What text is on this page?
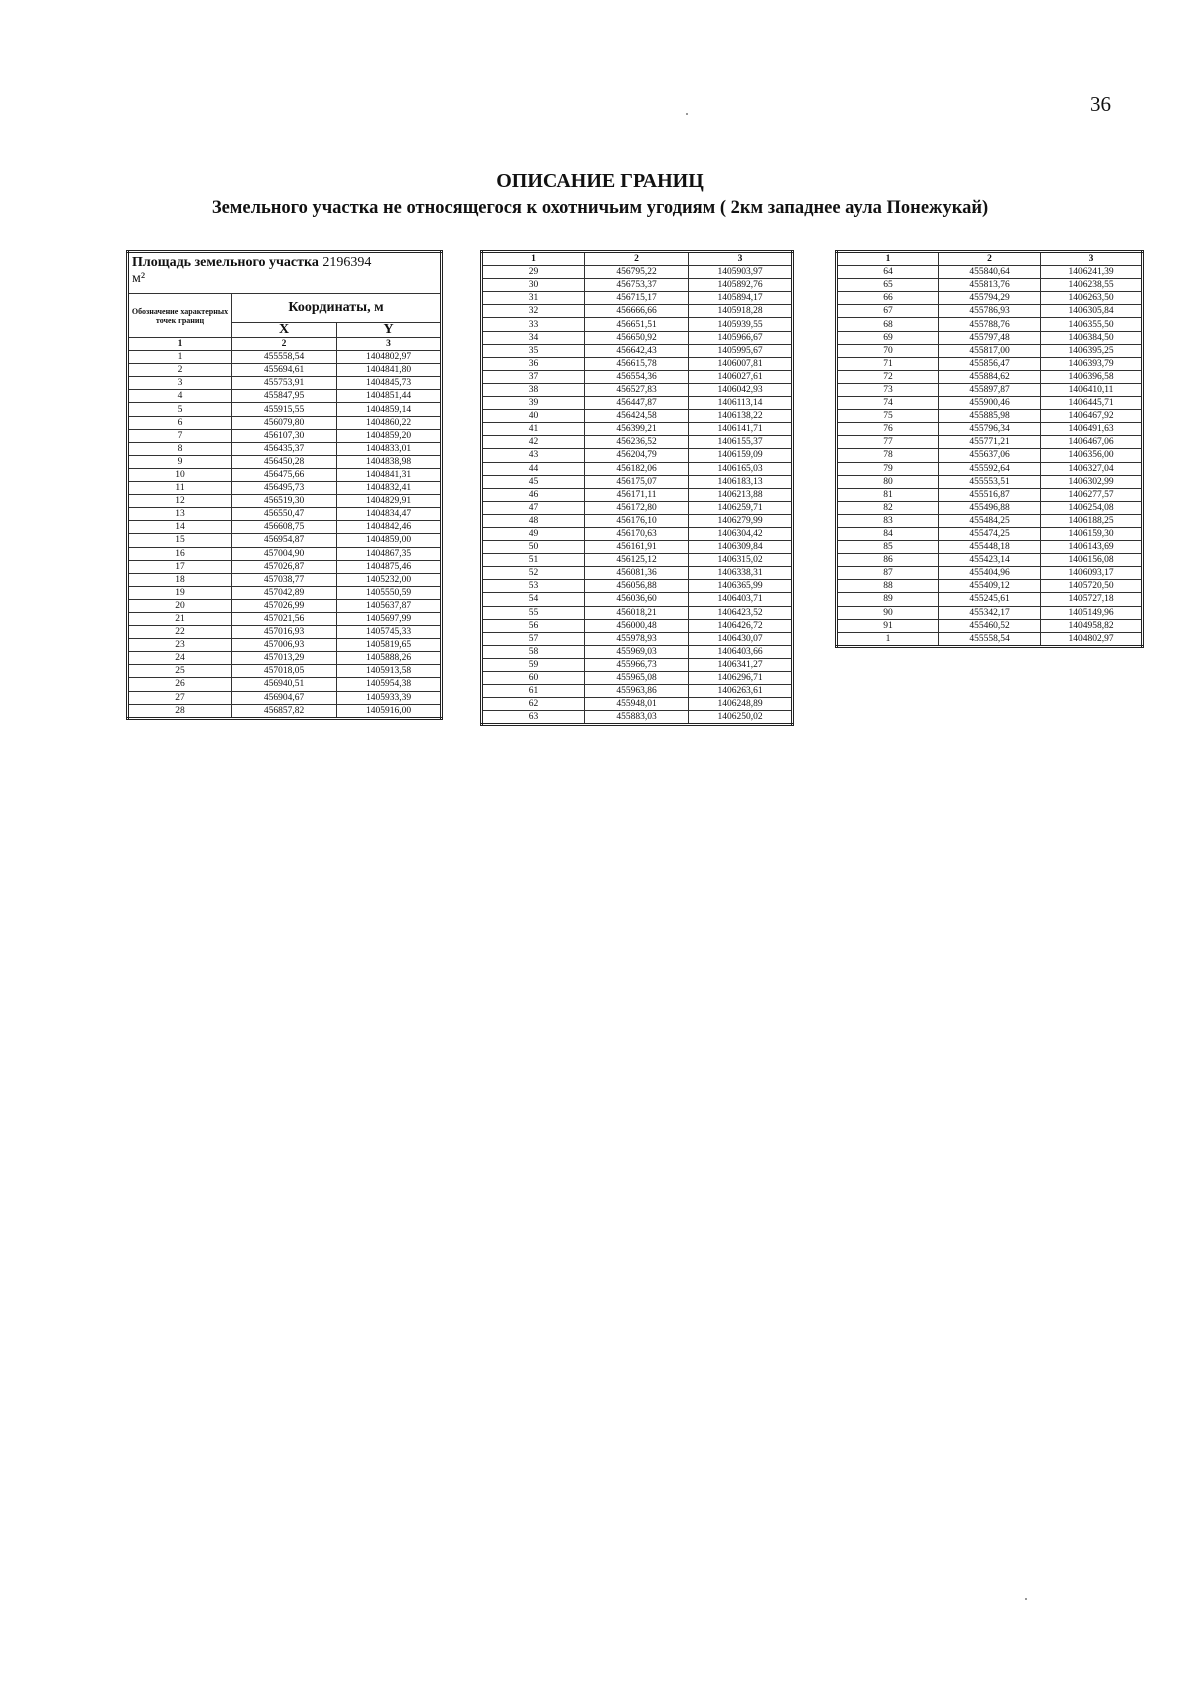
36
ОПИСАНИЕ ГРАНИЦ
Земельного участка не относящегося к охотничьим угодиям ( 2км западнее аула Понежукай)
Площадь земельного участка 2196394
м²		
Обозначение характерных точек границ	Координаты, м	
	X	Y
1	2	3
1	455558,54	1404802,97
2	455694,61	1404841,80
3	455753,91	1404845,73
4	455847,95	1404851,44
5	455915,55	1404859,14
6	456079,80	1404860,22
7	456107,30	1404859,20
8	456435,37	1404833,01
9	456450,28	1404838,98
10	456475,66	1404841,31
11	456495,73	1404832,41
12	456519,30	1404829,91
13	456550,47	1404834,47
14	456608,75	1404842,46
15	456954,87	1404859,00
16	457004,90	1404867,35
17	457026,87	1404875,46
18	457038,77	1405232,00
19	457042,89	1405550,59
20	457026,99	1405637,87
21	457021,56	1405697,99
22	457016,93	1405745,33
23	457006,93	1405819,65
24	457013,29	1405888,26
25	457018,05	1405913,58
26	456940,51	1405954,38
27	456904,67	1405933,39
28	456857,82	1405916,00
1	2	3
29	456795,22	1405903,97
30	456753,37	1405892,76
31	456715,17	1405894,17
32	456666,66	1405918,28
33	456651,51	1405939,55
34	456650,92	1405966,67
35	456642,43	1405995,67
36	456615,78	1406007,81
37	456554,36	1406027,61
38	456527,83	1406042,93
39	456447,87	1406113,14
40	456424,58	1406138,22
41	456399,21	1406141,71
42	456236,52	1406155,37
43	456204,79	1406159,09
44	456182,06	1406165,03
45	456175,07	1406183,13
46	456171,11	1406213,88
47	456172,80	1406259,71
48	456176,10	1406279,99
49	456170,63	1406304,42
50	456161,91	1406309,84
51	456125,12	1406315,02
52	456081,36	1406338,31
53	456056,88	1406365,99
54	456036,60	1406403,71
55	456018,21	1406423,52
56	456000,48	1406426,72
57	455978,93	1406430,07
58	455969,03	1406403,66
59	455966,73	1406341,27
60	455965,08	1406296,71
61	455963,86	1406263,61
62	455948,01	1406248,89
63	455883,03	1406250,02
1	2	3
64	455840,64	1406241,39
65	455813,76	1406238,55
66	455794,29	1406263,50
67	455786,93	1406305,84
68	455788,76	1406355,50
69	455797,48	1406384,50
70	455817,00	1406395,25
71	455856,47	1406393,79
72	455884,62	1406396,58
73	455897,87	1406410,11
74	455900,46	1406445,71
75	455885,98	1406467,92
76	455796,34	1406491,63
77	455771,21	1406467,06
78	455637,06	1406356,00
79	455592,64	1406327,04
80	455553,51	1406302,99
81	455516,87	1406277,57
82	455496,88	1406254,08
83	455484,25	1406188,25
84	455474,25	1406159,30
85	455448,18	1406143,69
86	455423,14	1406156,08
87	455404,96	1406093,17
88	455409,12	1405720,50
89	455245,61	1405727,18
90	455342,17	1405149,96
91	455460,52	1404958,82
1	455558,54	1404802,97
